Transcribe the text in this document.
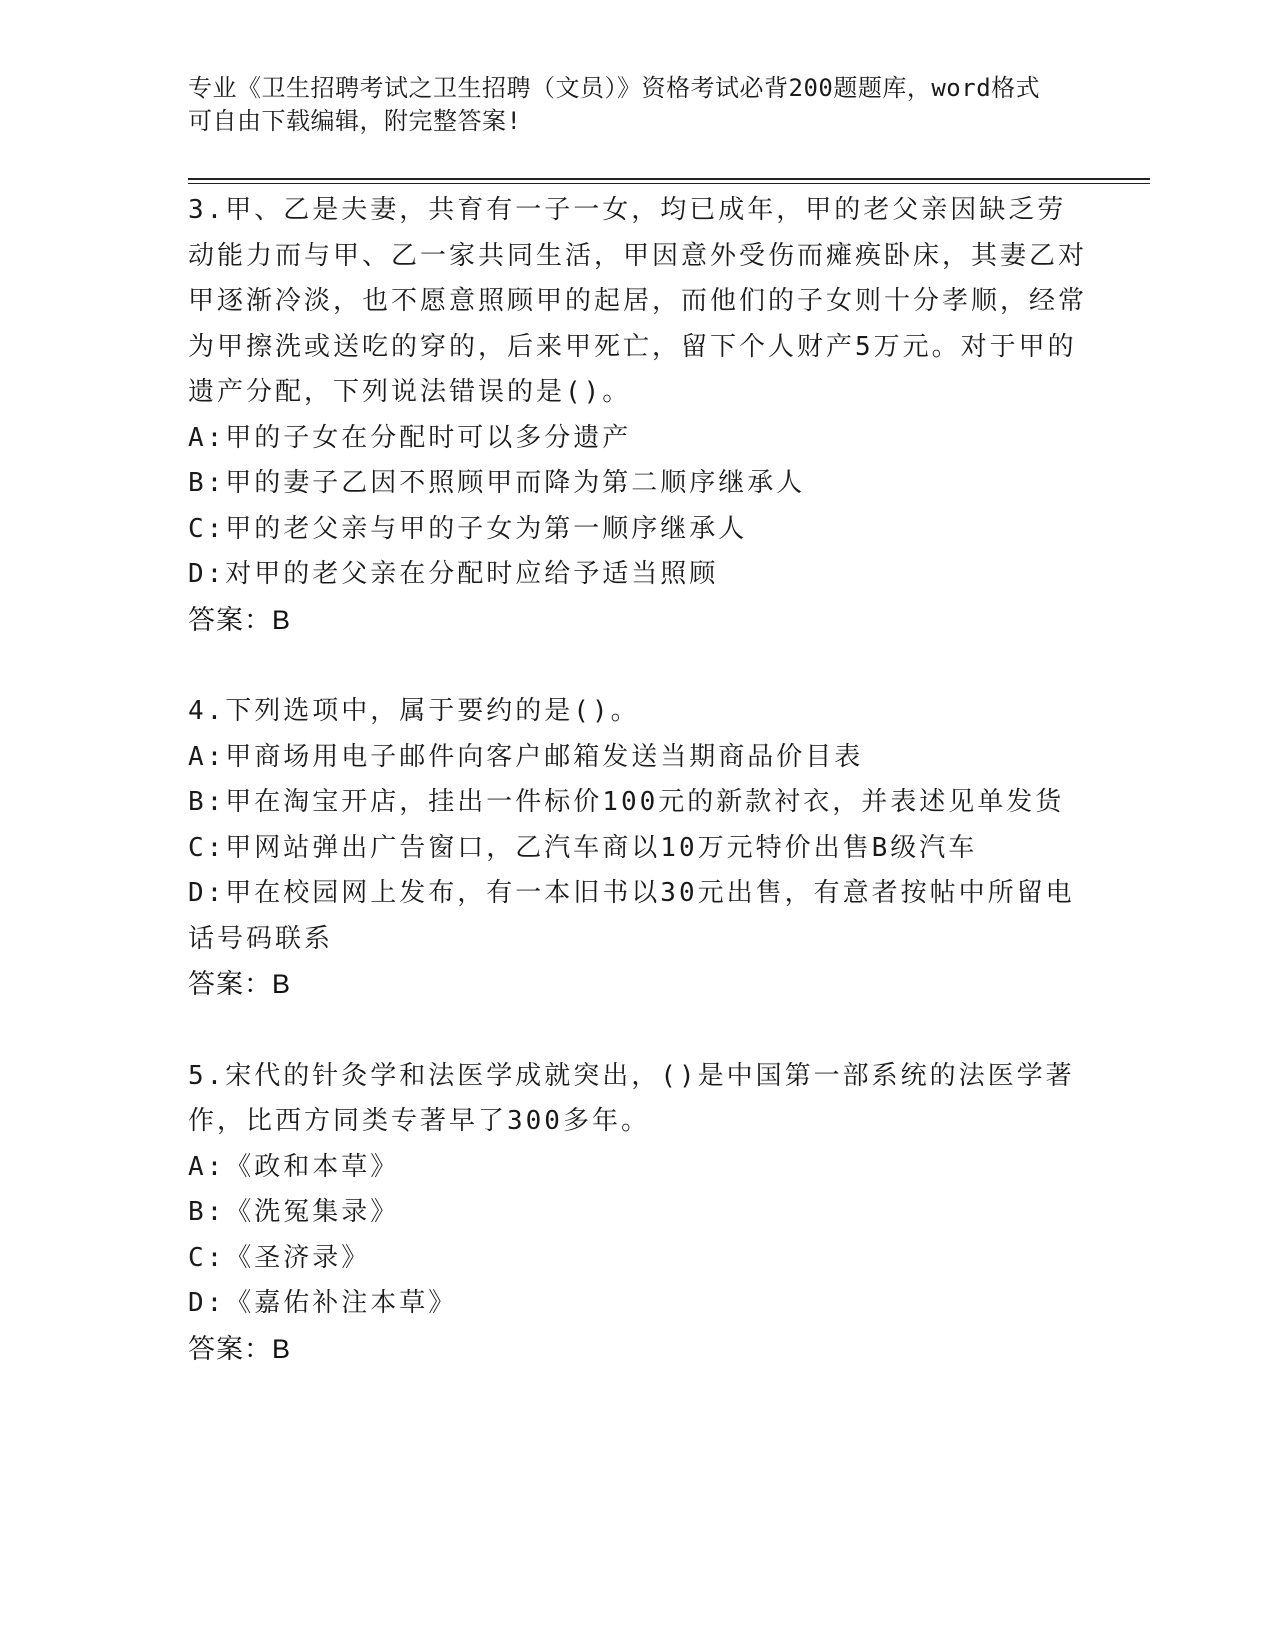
专业《卫生招聘考试之卫生招聘（文员）》资格考试必背200题题库，word格式
可自由下载编辑，附完整答案!

3.甲、乙是夫妻，共育有一子一女，均已成年，甲的老父亲因缺乏劳动能力而与甲、乙一家共同生活，甲因意外受伤而瘫痪卧床，其妻乙对甲逐渐冷淡，也不愿意照顾甲的起居，而他们的子女则十分孝顺，经常为甲擦洗或送吃的穿的，后来甲死亡，留下个人财产5万元。对于甲的遗产分配，下列说法错误的是()。

A:甲的子女在分配时可以多分遗产

B:甲的妻子乙因不照顾甲而降为第二顺序继承人

C:甲的老父亲与甲的子女为第一顺序继承人

D:对甲的老父亲在分配时应给予适当照顾

答案：B

4.下列选项中，属于要约的是()。

A:甲商场用电子邮件向客户邮箱发送当期商品价目表

B:甲在淘宝开店，挂出一件标价100元的新款衬衣，并表述见单发货

C:甲网站弹出广告窗口，乙汽车商以10万元特价出售B级汽车

D:甲在校园网上发布，有一本旧书以30元出售，有意者按帖中所留电话号码联系

答案：B

5.宋代的针灸学和法医学成就突出，()是中国第一部系统的法医学著作，比西方同类专著早了300多年。

A:《政和本草》

B:《洗冤集录》

C:《圣济录》

D:《嘉佑补注本草》

答案：B
